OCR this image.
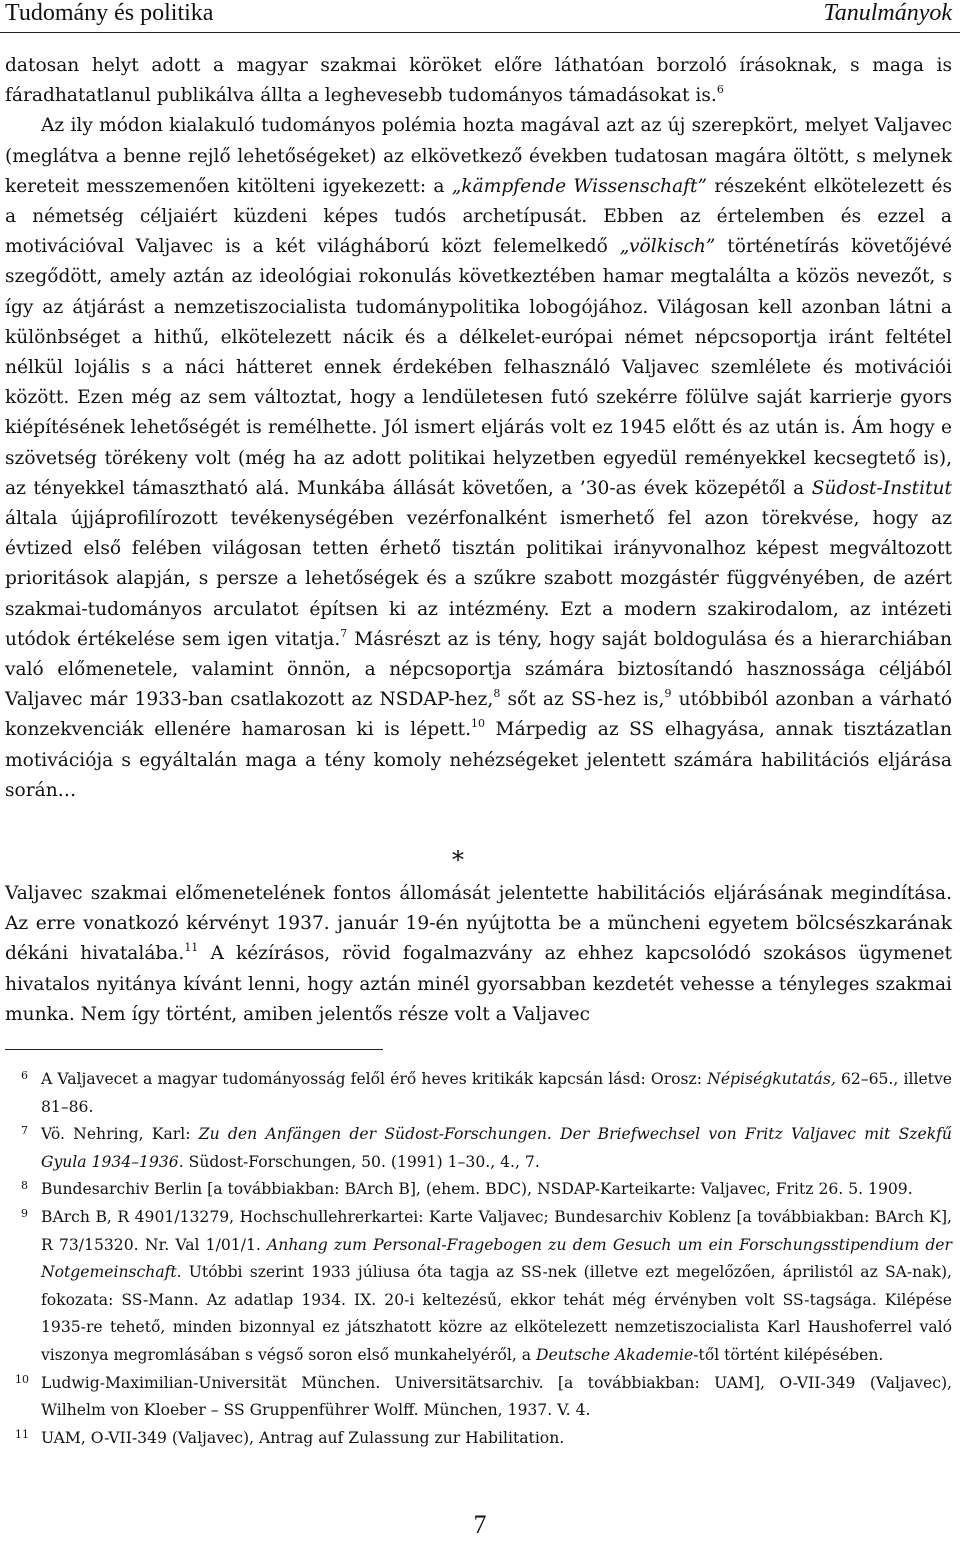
Tudomány és politika	Tanulmányok

datosan helyt adott a magyar szakmai köröket előre láthatóan borzoló írásoknak, s maga is fáradhatatlanul publikálva állta a leghevesebb tudományos támadásokat is.$^6$

Az ily módon kialakuló tudományos polémia hozta magával azt az új szerepkört, melyet Valjavec (meglátva a benne rejlő lehetőségeket) az elkövetkező években tudatosan magára öltött, s melynek kereteit messzemenően kitölteni igyekezett: a „kämpfende Wissenschaft” részeként elkötelezett és a németség céljaiért küzdeni képes tudós archetípusát. Ebben az értelemben és ezzel a motivációval Valjavec is a két világháború közt felemelkedő „völkisch” történetírás követőjévé szegődött, amely aztán az ideológiai rokonulás következtében hamar megtalálta a közös nevezőt, s így az átjárást a nemzetiszocialista tudománypolitika lobogójához. Világosan kell azonban látni a különbséget a hithű, elkötelezett nácik és a délkelet-európai német népcsoportja iránt feltétel nélkül lojális s a náci hátteret ennek érdekében felhasználó Valjavec szemlélete és motivációi között. Ezen még az sem változtat, hogy a lendületesen futó szekérre fölülve saját karrierje gyors kiépítésének lehetőségét is remélhette. Jól ismert eljárás volt ez 1945 előtt és az után is. Ám hogy e szövetség törékeny volt (még ha az adott politikai helyzetben egyedül reményekkel kecsegtető is), az tényekkel támasztható alá. Munkába állását követően, a ’30-as évek közepétől a Südost-Institut általa újjáprofilírozott tevékenységében vezérfonalként ismerhető fel azon törekvése, hogy az évtized első felében világosan tetten érhető tisztán politikai irányvonalhoz képest megváltozott prioritások alapján, s persze a lehetőségek és a szűkre szabott mozgástér függvényében, de azért szakmai-tudományos arculatot építsen ki az intézmény. Ezt a modern szakirodalom, az intézeti utódok értékelése sem igen vitatja.$^7$ Másrészt az is tény, hogy saját boldogulása és a hierarchiában való előmenetele, valamint önnön, a népcsoportja számára biztosítandó hasznossága céljából Valjavec már 1933-ban csatlakozott az NSDAP-hez,$^8$ sőt az SS-hez is,$^9$ utóbbiból azonban a várható konzekvenciák ellenére hamarosan ki is lépett.$^{10}$ Márpedig az SS elhagyása, annak tisztázatlan motivációja s egyáltalán maga a tény komoly nehézségeket jelentett számára habilitációs eljárása során…

*

Valjavec szakmai előmenetelének fontos állomását jelentette habilitációs eljárásának megindítása. Az erre vonatkozó kérvényt 1937. január 19-én nyújtotta be a müncheni egyetem bölcsészkarának dékáni hivatalába.$^{11}$ A kézírásos, rövid fogalmazvány az ehhez kapcsolódó szokásos ügymenet hivatalos nyitánya kívánt lenni, hogy aztán minél gyorsabban kezdetét vehesse a tényleges szakmai munka. Nem így történt, amiben jelentős része volt a Valjavec

6 A Valjavecet a magyar tudományosság felől érő heves kritikák kapcsán lásd: Orosz: Népiségkutatás, 62–65., illetve 81–86.
7 Vö. Nehring, Karl: Zu den Anfängen der Südost-Forschungen. Der Briefwechsel von Fritz Valjavec mit Szekfű Gyula 1934–1936. Südost-Forschungen, 50. (1991) 1–30., 4., 7.
8 Bundesarchiv Berlin [a továbbiakban: BArch B], (ehem. BDC), NSDAP-Karteikarte: Valjavec, Fritz 26. 5. 1909.
9 BArch B, R 4901/13279, Hochschullehrerkartei: Karte Valjavec; Bundesarchiv Koblenz [a továbbiakban: BArch K], R 73/15320. Nr. Val 1/01/1. Anhang zum Personal-Fragebogen zu dem Gesuch um ein Forschungsstipendium der Notgemeinschaft. Utóbbi szerint 1933 júliusa óta tagja az SS-nek (illetve ezt megelőzően, áprilistól az SA-nak), fokozata: SS-Mann. Az adatlap 1934. IX. 20-i keltezésű, ekkor tehát még érvényben volt SS-tagsága. Kilépése 1935-re tehető, minden bizonnyal ez játszhatott közre az elkötelezett nemzetiszocialista Karl Haushoferrel való viszonya megromlásában s végső soron első munkahelyéről, a Deutsche Akademie-től történt kilépésében.
10 Ludwig-Maximilian-Universität München. Universitätsarchiv. [a továbbiakban: UAM], O-VII-349 (Valjavec), Wilhelm von Kloeber – SS Gruppenführer Wolff. München, 1937. V. 4.
11 UAM, O-VII-349 (Valjavec), Antrag auf Zulassung zur Habilitation.
7
